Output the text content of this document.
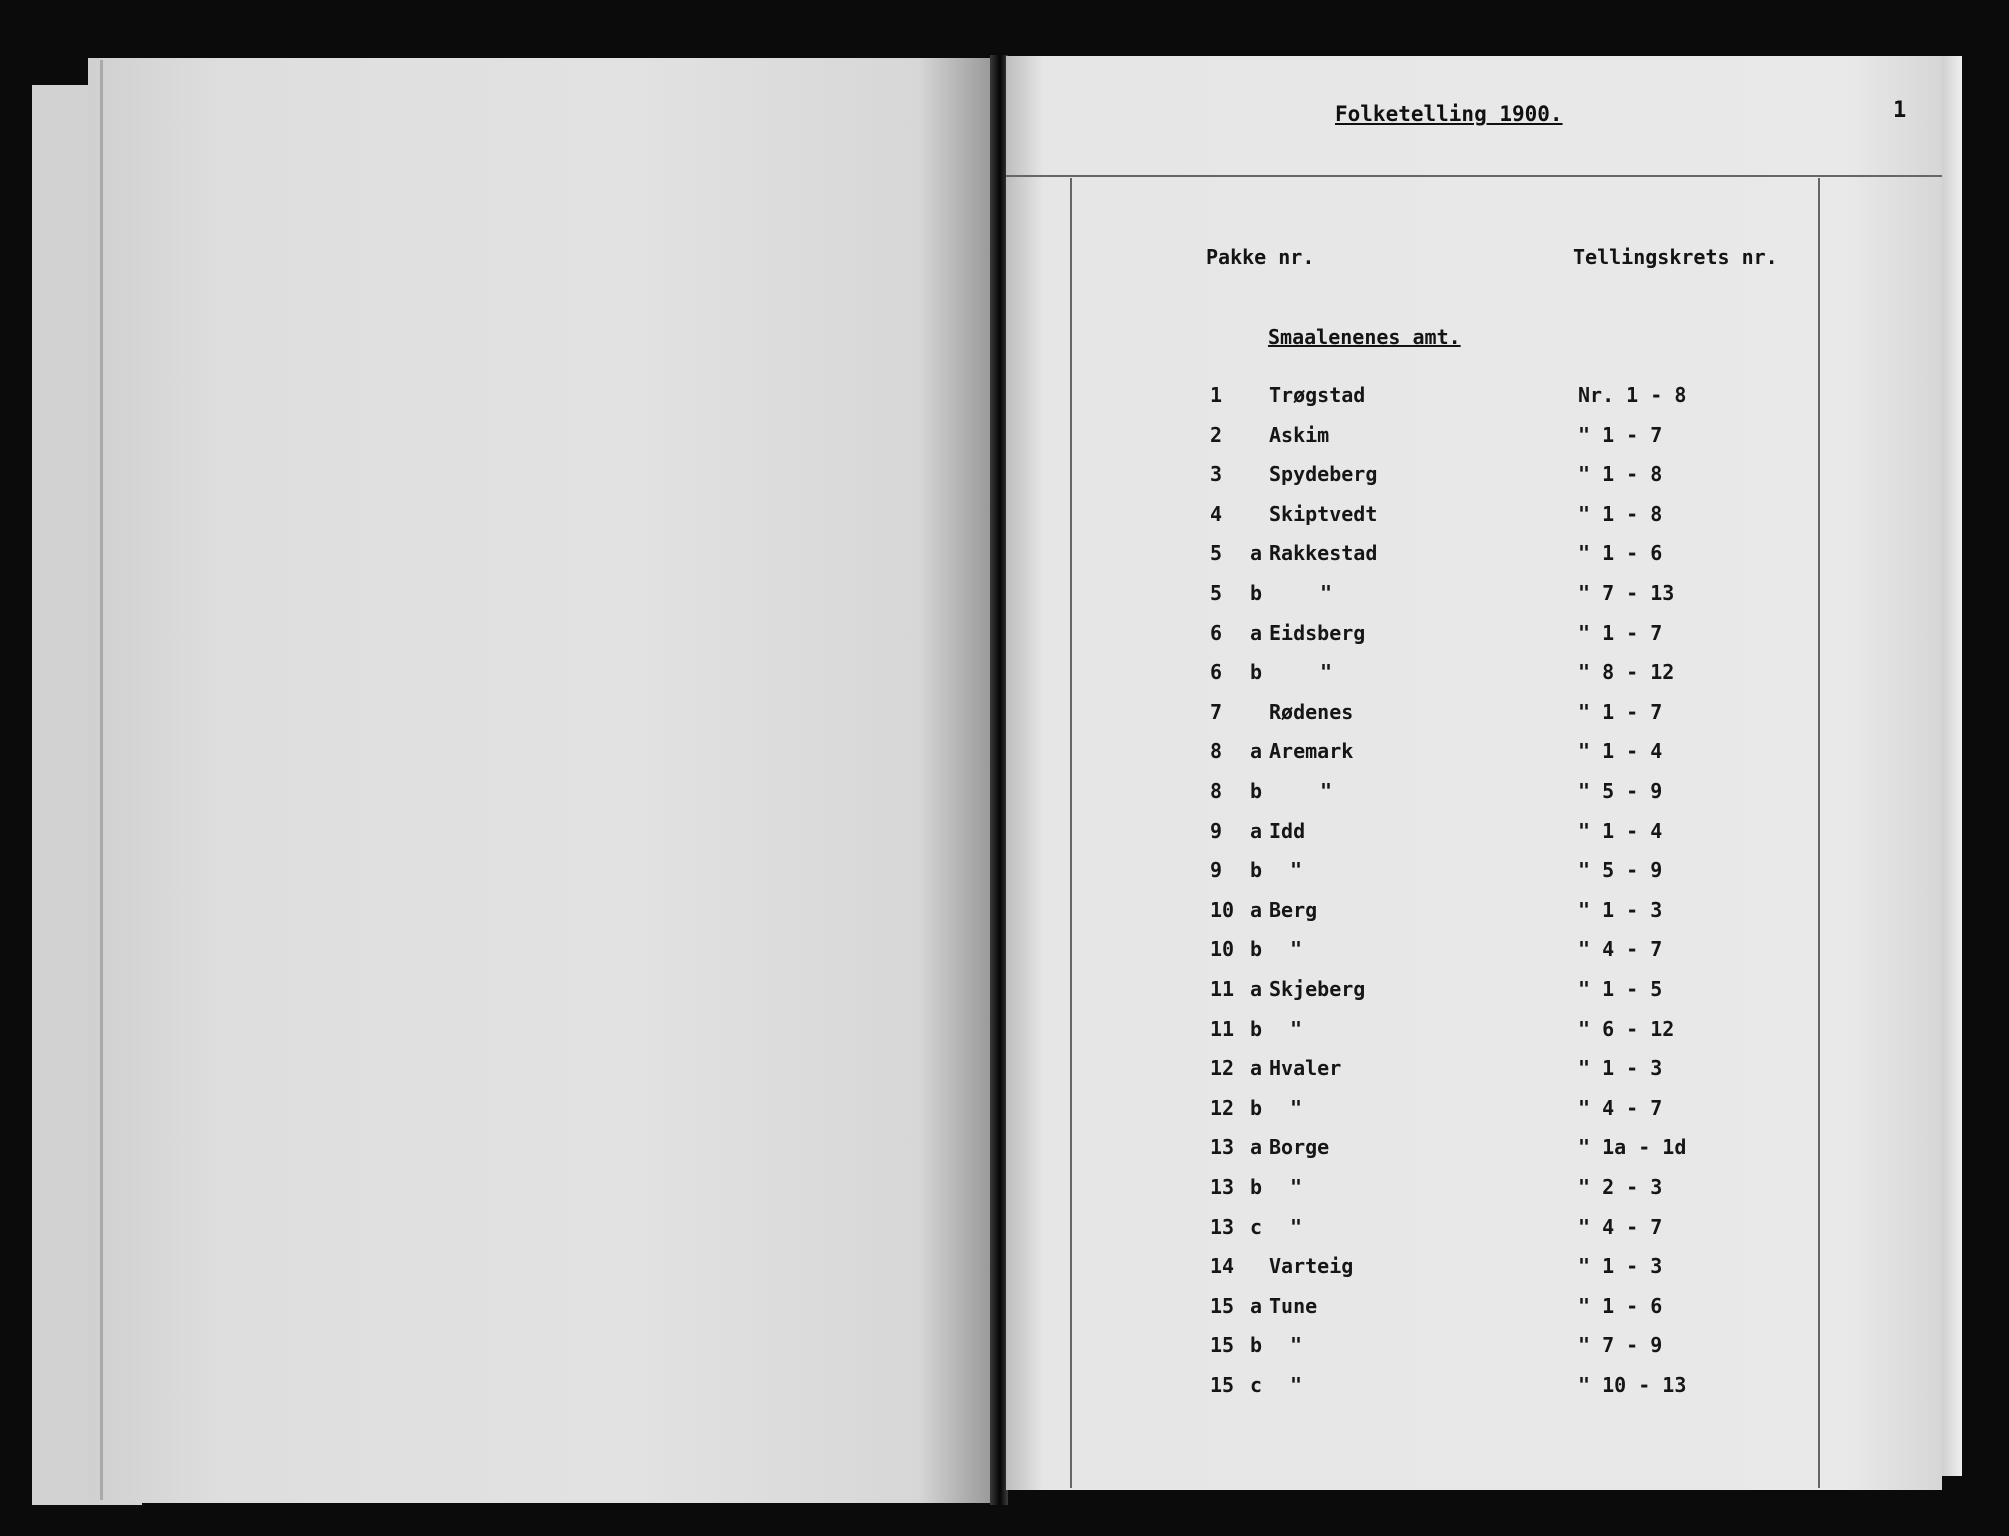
Folketelling 1900.	1
Pakke nr.	Tellingskrets nr.
Smaalenenes amt.
1 Trøgstad	Nr. 1 - 8
2 Askim	" 1 - 7
3 Spydeberg	" 1 - 8
4 Skiptvedt	" 1 - 8
5 a Rakkestad	" 1 - 6
5 b	"	" 7 - 13
6 a Eidsberg	" 1 - 7
6 b	"	" 8 - 12
7 Rødenes	" 1 - 7
8 a Aremark	" 1 - 4
8 b	"	" 5 - 9
9 a Idd	" 1 - 4
9 b "	" 5 - 9
10 a Berg	" 1 - 3
10 b "	" 4 - 7
11 a Skjeberg	" 1 - 5
11 b "	" 6 - 12
12 a Hvaler	" 1 - 3
12 b "	" 4 - 7
13 a Borge	" 1a - 1d
13 b "	" 2 - 3
13 c "	" 4 - 7
14 Varteig	" 1 - 3
15 a Tune	" 1 - 6
15 b "	" 7 - 9
15 c "	" 10 - 13
